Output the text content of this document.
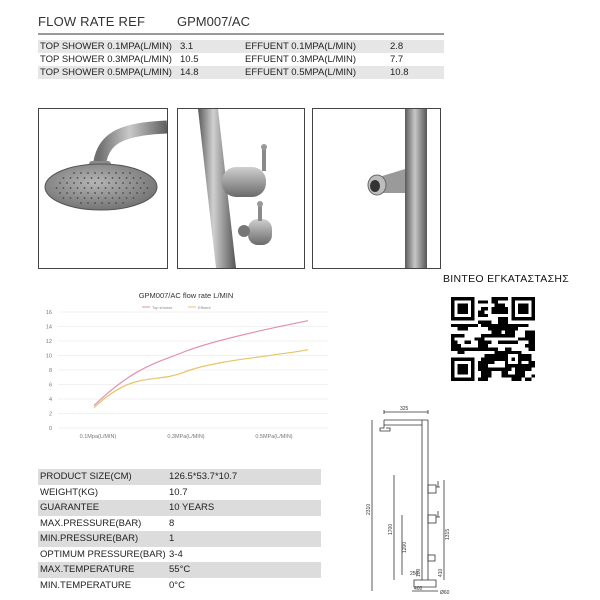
FLOW RATE REF GPM007/AC
TOP SHOWER 0.1MPA(L/MIN) 3.1	EFFUENT 0.1MPA(L/MIN)	2.8
TOP SHOWER 0.3MPA(L/MIN) 10.5	EFFUENT 0.3MPA(L/MIN)	7.7
TOP SHOWER 0.5MPA(L/MIN) 14.8	EFFUENT 0.5MPA(L/MIN)	10.8
ΒΙΝΤΕΟ ΕΓΚΑΤΑΣΤΑΣΗΣ
GPM007/AC flow rate L/MIN
Top shower	Effuent
0
2
4
6
8
10
12
14
16
0.1Mpa(L/MIN)	0.3MPa(L/MIN)	0.5MPa(L/MIN)
PRODUCT SIZE(CM)	126.5*53.7*10.7
WEIGHT(KG)	10.7
GUARANTEE	10 YEARS
MAX.PRESSURE(BAR)	8
MIN.PRESSURE(BAR)	1
OPTIMUM PRESSURE(BAR) 3-4
MAX.TEMPERATURE	55°C
MIN.TEMPERATURE	0°C
325
2310
1700	1315
1200
250
100	410
400
Ø60
